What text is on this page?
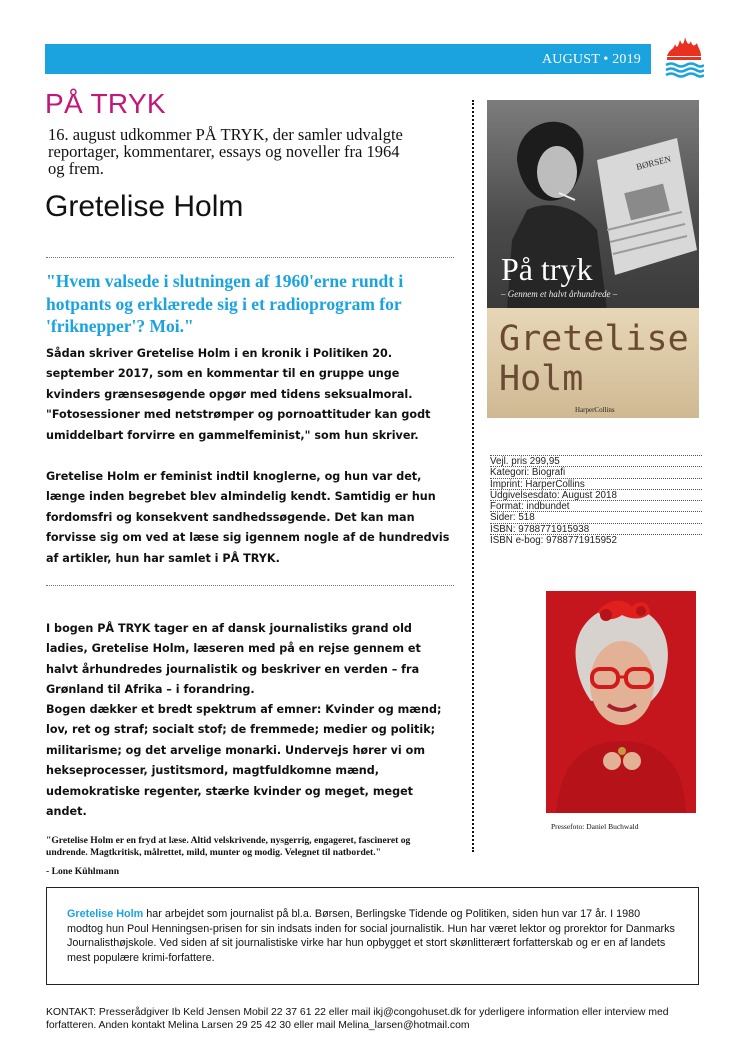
AUGUST • 2019
PÅ TRYK
16. august udkommer PÅ TRYK, der samler udvalgte reportager, kommentarer, essays og noveller fra 1964 og frem.
Gretelise Holm
"Hvem valsede i slutningen af 1960'erne rundt i hotpants og erklærede sig i et radioprogram for 'friknepper'? Moi."
Sådan skriver Gretelise Holm i en kronik i Politiken 20. september 2017, som en kommentar til en gruppe unge kvinders grænsesøgende opgør med tidens seksualmoral. "Fotosessioner med netstrømper og pornoattituder kan godt umiddelbart forvirre en gammelfeminist," som hun skriver.
Gretelise Holm er feminist indtil knoglerne, og hun var det, længe inden begrebet blev almindelig kendt. Samtidig er hun fordomsfri og konsekvent sandhedssøgende. Det kan man forvisse sig om ved at læse sig igennem nogle af de hundredvis af artikler, hun har samlet i PÅ TRYK.
I bogen PÅ TRYK tager en af dansk journalistiks grand old ladies, Gretelise Holm, læseren med på en rejse gennem et halvt århundredes journalistik og beskriver en verden – fra Grønland til Afrika – i forandring.
Bogen dækker et bredt spektrum af emner: Kvinder og mænd; lov, ret og straf; socialt stof; de fremmede; medier og politik; militarisme; og det arvelige monarki. Undervejs hører vi om hekseprocesser, justitsmord, magtfuldkomne mænd, udemokratiske regenter, stærke kvinder og meget, meget andet.
"Gretelise Holm er en fryd at læse. Altid velskrivende, nysgerrig, engageret, fascineret og undrende. Magtkritisk, målrettet, mild, munter og modig. Velegnet til natbordet."
- Lone Kühlmann
BØRSEN
På tryk
– Gennem et halvt århundrede –
Gretelise
Holm
HarperCollins
Vejl. pris 299,95
Kategori: Biografi
Imprint: HarperCollins
Udgivelsesdato: August 2018
Format: indbundet
Sider: 518
ISBN: 9788771915938
ISBN e-bog: 9788771915952
Pressefoto: Daniel Buchwald
Gretelise Holm har arbejdet som journalist på bl.a. Børsen, Berlingske Tidende og Politiken, siden hun var 17 år. I 1980 modtog hun Poul Henningsen-prisen for sin indsats inden for social journalistik. Hun har været lektor og prorektor for Danmarks Journalisthøjskole. Ved siden af sit journalistiske virke har hun opbygget et stort skønlitterært forfatterskab og er en af landets mest populære krimi-forfattere.
KONTAKT: Presserådgiver Ib Keld Jensen Mobil 22 37 61 22 eller mail ikj@congohuset.dk for yderligere information eller interview med forfatteren. Anden kontakt Melina Larsen 29 25 42 30 eller mail Melina_larsen@hotmail.com
